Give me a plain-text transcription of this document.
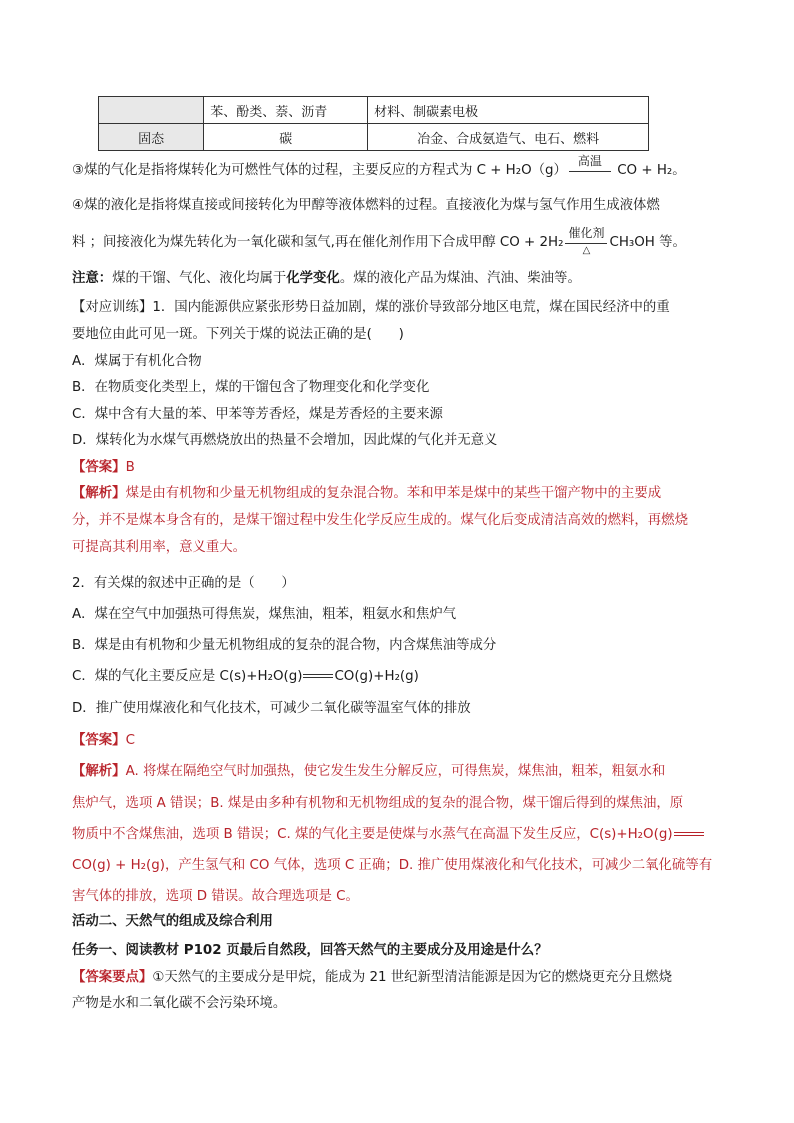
	苯、酚类、萘、沥青	材料、制碳素电极
固态	碳	冶金、合成氨造气、电石、燃料
③煤的气化是指将煤转化为可燃性气体的过程，主要反应的方程式为 C + H₂O（g）
高温
CO + H₂。
④煤的液化是指将煤直接或间接转化为甲醇等液体燃料的过程。直接液化为煤与氢气作用生成液体燃
料 ；间接液化为煤先转化为一氧化碳和氢气,再在催化剂作用下合成甲醇 CO + 2H₂
催化剂
△
CH₃OH 等。
注意：煤的干馏、气化、液化均属于化学变化。煤的液化产品为煤油、汽油、柴油等。
【对应训练】1．国内能源供应紧张形势日益加剧，煤的涨价导致部分地区电荒，煤在国民经济中的重
要地位由此可见一斑。下列关于煤的说法正确的是(　　)
A．煤属于有机化合物
B．在物质变化类型上，煤的干馏包含了物理变化和化学变化
C．煤中含有大量的苯、甲苯等芳香烃，煤是芳香烃的主要来源
D．煤转化为水煤气再燃烧放出的热量不会增加，因此煤的气化并无意义
【答案】B
【解析】煤是由有机物和少量无机物组成的复杂混合物。苯和甲苯是煤中的某些干馏产物中的主要成
分，并不是煤本身含有的，是煤干馏过程中发生化学反应生成的。煤气化后变成清洁高效的燃料，再燃烧
可提高其利用率，意义重大。
2．有关煤的叙述中正确的是（　　）
A．煤在空气中加强热可得焦炭，煤焦油，粗苯，粗氨水和焦炉气
B．煤是由有机物和少量无机物组成的复杂的混合物，内含煤焦油等成分
C．煤的气化主要反应是 C(s)+H₂O(g) CO(g)+H₂(g)
D．推广使用煤液化和气化技术，可减少二氧化碳等温室气体的排放
【答案】C
【解析】A. 将煤在隔绝空气时加强热，使它发生发生分解反应，可得焦炭，煤焦油，粗苯，粗氨水和
焦炉气，选项 A 错误；B. 煤是由多种有机物和无机物组成的复杂的混合物，煤干馏后得到的煤焦油，原
物质中不含煤焦油，选项 B 错误；C. 煤的气化主要是使煤与水蒸气在高温下发生反应，C(s)+H₂O(g)
CO(g) + H₂(g)，产生氢气和 CO 气体，选项 C 正确；D. 推广使用煤液化和气化技术，可减少二氧化硫等有
害气体的排放，选项 D 错误。故合理选项是 C。
活动二、天然气的组成及综合利用
任务一、阅读教材 P102 页最后自然段，回答天然气的主要成分及用途是什么？
【答案要点】①天然气的主要成分是甲烷，能成为 21 世纪新型清洁能源是因为它的燃烧更充分且燃烧
产物是水和二氧化碳不会污染环境。
